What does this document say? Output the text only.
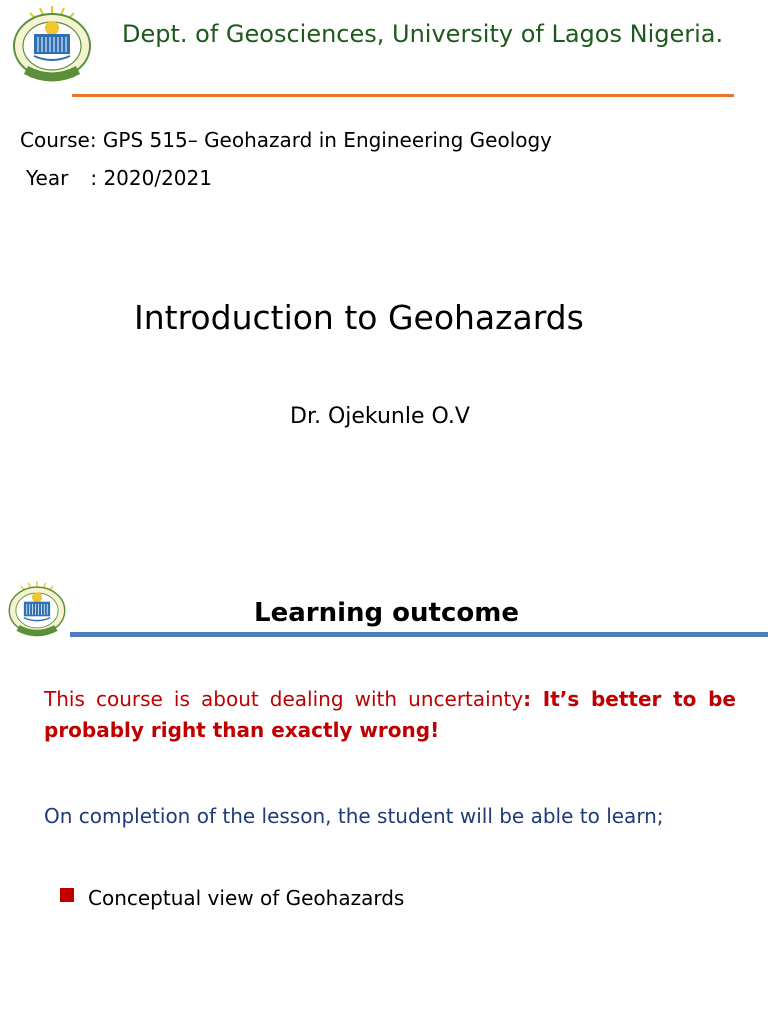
Dept. of Geosciences, University of Lagos Nigeria.
Course: GPS 515– Geohazard in Engineering Geology
Year : 2020/2021
Introduction to Geohazards
Dr. Ojekunle O.V
Learning outcome
This course is about dealing with uncertainty: It’s better to be probably right than exactly wrong!
On completion of the lesson, the student will be able to learn;
Conceptual view of Geohazards
